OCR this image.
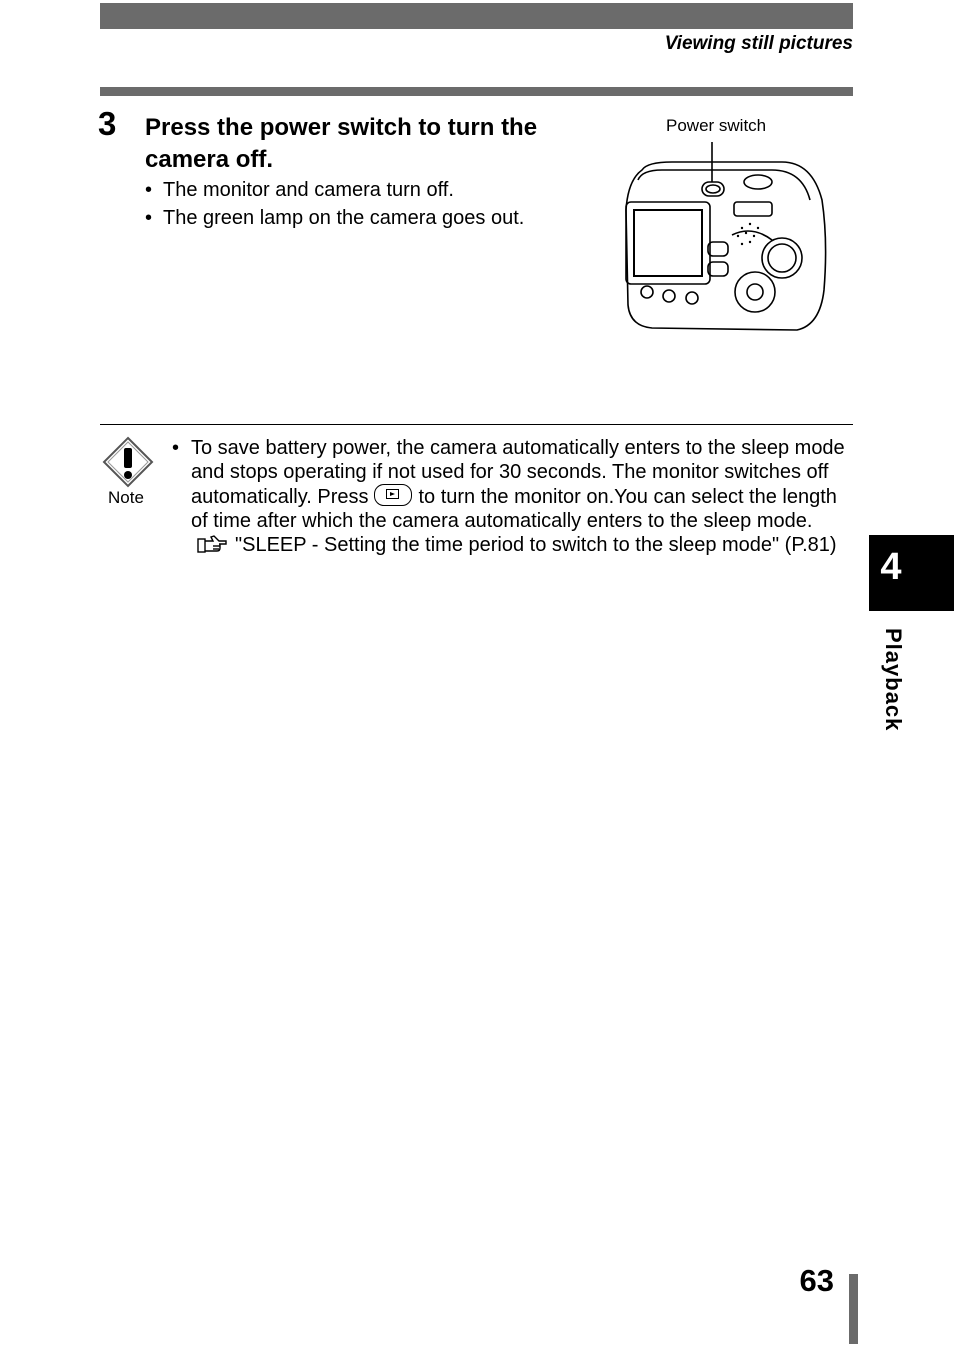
Viewing still pictures
3 Press the power switch to turn the camera off.
• The monitor and camera turn off.
• The green lamp on the camera goes out.
Power switch
Note
• To save battery power, the camera automatically enters to the sleep mode and stops operating if not used for 30 seconds. The monitor switches off automatically. Press	to turn the monitor on.You can select the length of time after which the camera automatically enters to the sleep mode.
"SLEEP - Setting the time period to switch to the sleep mode" (P.81)
4
Playback
63
